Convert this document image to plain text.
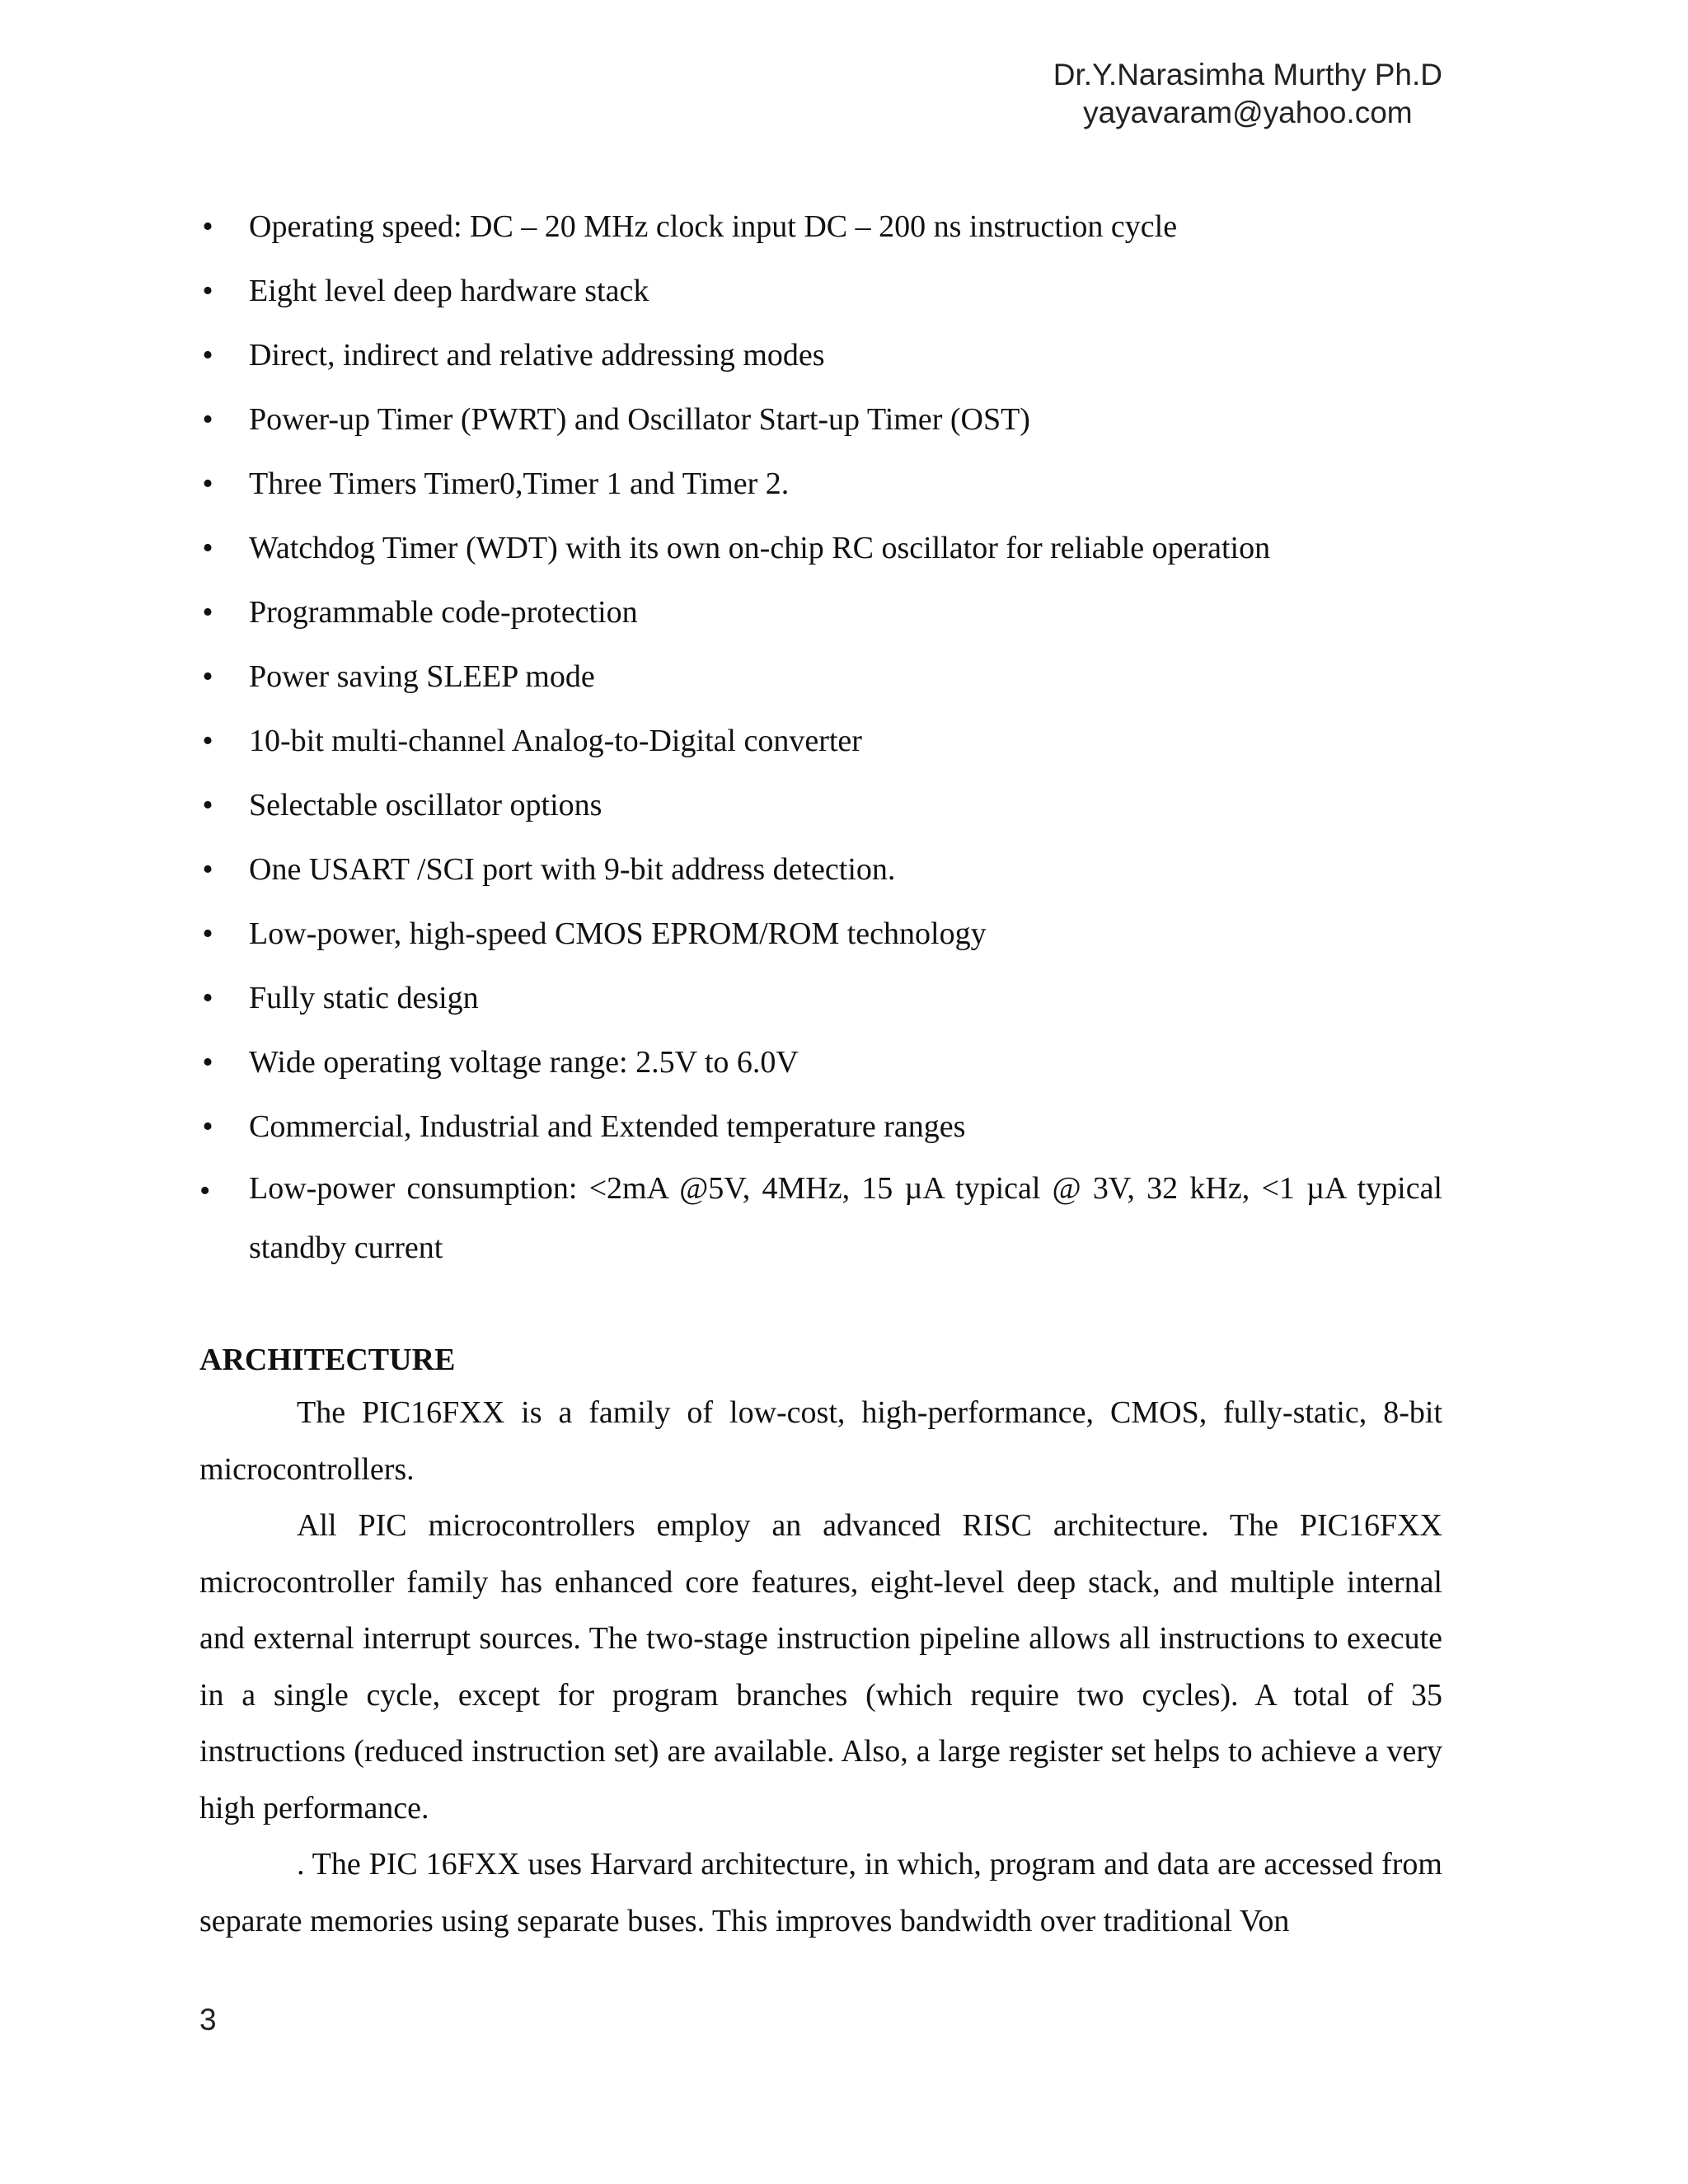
Dr.Y.Narasimha Murthy Ph.D
yayavaram@yahoo.com
• Operating speed: DC – 20 MHz clock input DC – 200 ns instruction cycle
• Eight level deep hardware stack
• Direct, indirect and relative addressing modes
• Power-up Timer (PWRT) and Oscillator Start-up Timer (OST)
• Three Timers Timer0,Timer 1 and Timer 2.
• Watchdog Timer (WDT) with its own on-chip RC oscillator for reliable operation
• Programmable code-protection
• Power saving SLEEP mode
• 10-bit multi-channel Analog-to-Digital converter
• Selectable oscillator options
• One USART /SCI port with 9-bit address detection.
• Low-power, high-speed CMOS EPROM/ROM technology
• Fully static design
• Wide operating voltage range: 2.5V to 6.0V
• Commercial, Industrial and Extended temperature ranges
• Low-power consumption: <2mA @5V, 4MHz, 15 µA typical @ 3V, 32 kHz, <1 µA typical standby current
ARCHITECTURE

The PIC16FXX is a family of low-cost, high-performance, CMOS, fully-static, 8-bit microcontrollers.

All PIC microcontrollers employ an advanced RISC architecture. The PIC16FXX microcontroller family has enhanced core features, eight-level deep stack, and multiple internal and external interrupt sources. The two-stage instruction pipeline allows all instructions to execute in a single cycle, except for program branches (which require two cycles). A total of 35 instructions (reduced instruction set) are available. Also, a large register set helps to achieve a very high performance.

. The PIC 16FXX uses Harvard architecture, in which, program and data are accessed from separate memories using separate buses. This improves bandwidth over traditional Von

3
